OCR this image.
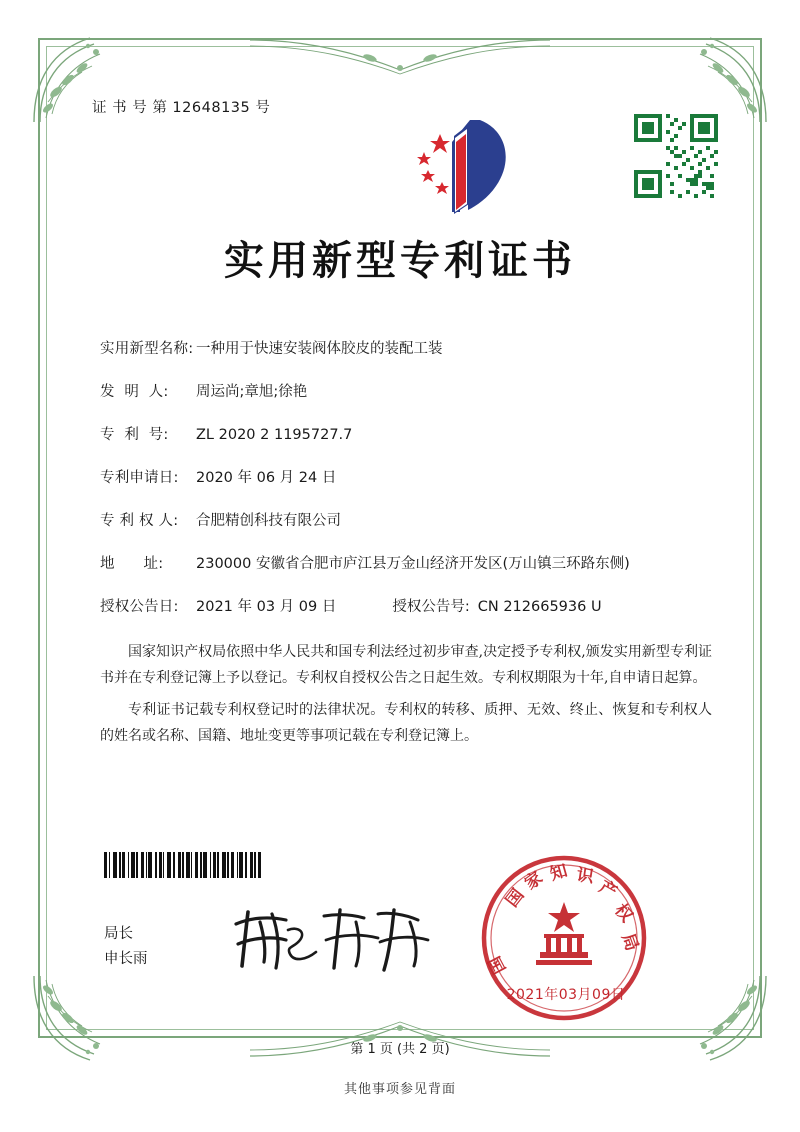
证 书 号 第 12648135 号
实用新型专利证书
实用新型名称: 一种用于快速安装阀体胶皮的装配工装
发  明  人:	周运尚;章旭;徐艳
专  利  号:	ZL 2020 2 1195727.7
专利申请日:	2020 年 06 月 24 日
专 利 权 人:	合肥精创科技有限公司
地      址:	230000 安徽省合肥市庐江县万金山经济开发区(万山镇三环路东侧)
授权公告日:	2021 年 03 月 09 日	授权公告号: CN 212665936 U

国家知识产权局依照中华人民共和国专利法经过初步审查,决定授予专利权,颁发实用新型专利证书并在专利登记簿上予以登记。专利权自授权公告之日起生效。专利权期限为十年,自申请日起算。

专利证书记载专利权登记时的法律状况。专利权的转移、质押、无效、终止、恢复和专利权人的姓名或名称、国籍、地址变更等事项记载在专利登记簿上。

局长
申长雨
国
家 知 识
产
权
局
国
2021年03月09日
第 1 页 (共 2 页)
其他事项参见背面
